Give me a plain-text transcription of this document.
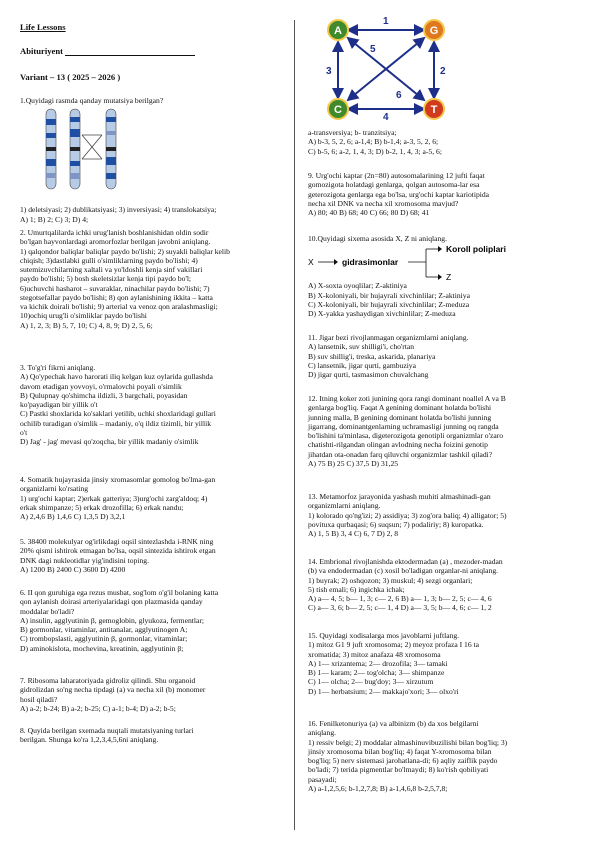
Life Lessons
Abituriyent
Variant – 13 ( 2025 – 2026 )
1.Quyidagi rasmda qanday mutatsiya berilgan?
1) deletsiyasi; 2) dublikatsiyasi; 3) inversiyasi; 4) translokatsiya;
A) 1; B) 2; C) 3; D) 4;
2. Umurtqalilarda ichki urug'lanish boshlanishidan oldin sodir
bo'lgan hayvonlardagi aromorfozlar berilgan javobni aniqlang.
1) qalqondor baliqlar baliqlar paydo bo'lishi; 2) suyakli baliqlar kelib
chiqish; 3)dastlabki gulli o'simliklarning paydo bo'lishi; 4)
sutemizuvchilarning xaltali va yo'ldoshli kenja sinf vakillari
paydo bo'lishi; 5) bosh skeletsizlar kenja tipi paydo bo'l;
6)uchuvchi hasharot – suvaraklar, ninachilar paydo bo'lishi; 7)
stegotsefallar paydo bo'lishi; 8) qon aylanishining ikkita – katta
va kichik doirali bo'lishi; 9) arterial va venoz qon aralashmasligi;
10)ochiq urug'li o'simliklar paydo bo'lishi
A) 1, 2, 3; B) 5, 7, 10; C) 4, 8, 9; D) 2, 5, 6;
3. To'g'ri fikrni aniqlang.
A) Qo'ypechak havo harorati iliq kelgan kuz oylarida gullashda
davom etadigan yovvoyi, o'rmalovchi poyali o'simlik
B) Qulupnay qo'shimcha ildizli, 3 bargchali, poyasidan
ko'payadigan bir yillik o't
C) Pastki shoxlarida ko'saklari yetilib, uchki shoxlaridagi gullari
ochilib turadigan o'simlik – madaniy, o'q ildiz tizimli, bir yillik
o't
D) Jag' - jag' mevasi qo'zoqcha, bir yillik madaniy o'simlik
4. Somatik hujayrasida jinsiy xromasomlar gomolog bo'lma-gan
organizlarni ko'rsating
1) urg'ochi kaptar; 2)erkak gatteriya; 3)urg'ochi zarg'aldoq; 4)
erkak shimpanze; 5) erkak drozofilla; 6) erkak nandu;
A) 2,4,6 B) 1,4,6 C) 1,3,5 D) 3,2,1
5. 38400 molekulyar og'irlikdagi oqsil sintezlashda i-RNK ning
20% qismi ishtirok etmagan bo'lsa, oqsil sintezida ishtirok etgan
DNK dagi nukleotidlar yig'indisini toping.
A) 1200 B) 2400 C) 3600 D) 4200
6. II qon guruhiga ega rezus musbat, sog'lom o'g'il bolaning katta
qon aylanish doirasi arteriyalaridagi qon plazmasida qanday
moddalar bo'ladi?
A) insulin, agglyutinin β, gemoglobin, glyukoza, fermentlar;
B) gormonlar, vitaminlar, antitanalar, agglyutinogen A;
C) trombopslasti, agglyutinin β, gormonlar, vitaminlar;
D) aminokislota, mochevina, kreatinin, agglyutinin β;
7. Ribosoma laharatoriyada gidroliz qilindi. Shu organoid
gidrolizdan so'ng necha tipdagi (a) va necha xil (b) monomer
hosil qiladi?
A) a-2; b-24; B) a-2; b-25; C) a-1; b-4; D) a-2; b-5;
8. Quyida berilgan sxemada nuqtali mutatsiyaning turlari
berilgan. Shunga ko'ra 1,2,3,4,5,6ni aniqlang.
1
2
3
4
5
6
A	G
C	T
a-transversiya; b- tranzitsiya;
A) b-3, 5, 2, 6; a-1,4; B) b-1,4; a-3, 5, 2, 6;
C) b-5, 6; a-2, 1, 4, 3; D) b-2, 1, 4, 3; a-5, 6;
9. Urg'ochi kaptar (2n=80) autosomalarining 12 jufti faqat
gomozigota holatdagi genlarga, qolgan autosoma-lar esa
geterozigota genlarga ega bo'lsa, urg'ochi kaptar kariotipida
necha xil DNK va necha xil xromosoma mavjud?
A) 80; 40 B) 68; 40 C) 66; 80 D) 68; 41
10.Quyidagi sixema asosida X, Z ni aniqlang.
X	gidrasimonlar
Koroll poliplari
Z
A) X-soxta oyoqlilar; Z-aktiniya
B) X-koloniyali, bir hujayrali xivchinlilar; Z-aktiniya
C) X-koloniyali, bir hujayrali xivchinlilar; Z-meduza
D) X-yakka yashaydigan xivchinlilar; Z-meduza
11. Jigar bezi rivojlanmagan organizmlarni aniqlang.
A) lansetnik, suv shilligi'i, cho'rtan
B) suv shillig'i, treska, askarida, planariya
C) lansetnik, jigar qurti, gambuziya
D) jigar qurti, tasmasimon chuvalchang
12. Itning koker zoti junining qora rangi dominant noallel A va B
genlarga bog'liq. Faqat A genining dominant holatda bo'lishi
junning malla, B genining dominant holatda bo'lishi junning
jigarrang, dominantgenlarning uchramasligi junning oq rangda
bo'lishini ta'minlasa, digeterozigota genotipli organizmlar o'zaro
chatishti-rilgandan olingan avlodning necha foizini genotip
jihatdan ota-onadan farq qiluvchi organizmlar tashkil qiladi?
A) 75 B) 25 C) 37,5 D) 31,25
13. Metamorfoz jarayonida yashash muhiti almashinadi-gan
organizmlarni aniqlang.
1) kolorado qo'ng'izi; 2) assidiya; 3) zog'ora baliq; 4) alligator; 5)
povituxa qurbaqasi; 6) suqsun; 7) podaliriy; 8) kuropatka.
A) 1, 5 B) 3, 4 C) 6, 7 D) 2, 8
14. Embrional rivojlanishda ektodermadan (a) , mezoder-madan
(b) va endodermadan (c) xosil bo'ladigan organlar-ni aniqlang.
1) buyrak; 2) oshqozon; 3) muskul; 4) sezgi organlari;
5) tish emali; 6) ingichka ichak;
A) a— 4, 5; b— 1, 3; c— 2, 6 B) a— 1, 3; b— 2, 5; c— 4, 6
C) a— 3, 6; b— 2, 5; c— 1, 4 D) a— 3, 5; b— 4, 6; c— 1, 2
15. Quyidagi xodisalarga mos javoblarni juftlang.
1) mitoz G1 9 juft xromosoma; 2) meyoz profaza I 16 ta
xromatida; 3) mitoz anafaza 48 xromosoma
A) 1— xrizantema; 2— drozofila; 3— tamaki
B) 1— karam; 2— tog'olcha; 3— shimpanze
C) 1— olcha; 2— bug'doy; 3— xirzutum
D) 1— herbatsium; 2— makkajo'xori; 3— olxo'ri
16. Fenilketonuriya (a) va albinizm (b) da xos belgilarni
aniqlang.
1) ressiv belgi; 2) moddalar almashinuvibuzilishi bilan bog'liq; 3)
jinsiy xromosoma bilan bog'liq; 4) faqat Y-xromosoma bilan
bog'liq; 5) nerv sistemasi jarohatlana-di; 6) aqliy zaiflik paydo
bo'ladi; 7) terida pigmentlar bo'lmaydi; 8) ko'rish qobiliyati
pasayadi;
A) a-1,2,5,6; b-1,2,7,8; B) a-1,4,6,8 b-2,5,7,8;
